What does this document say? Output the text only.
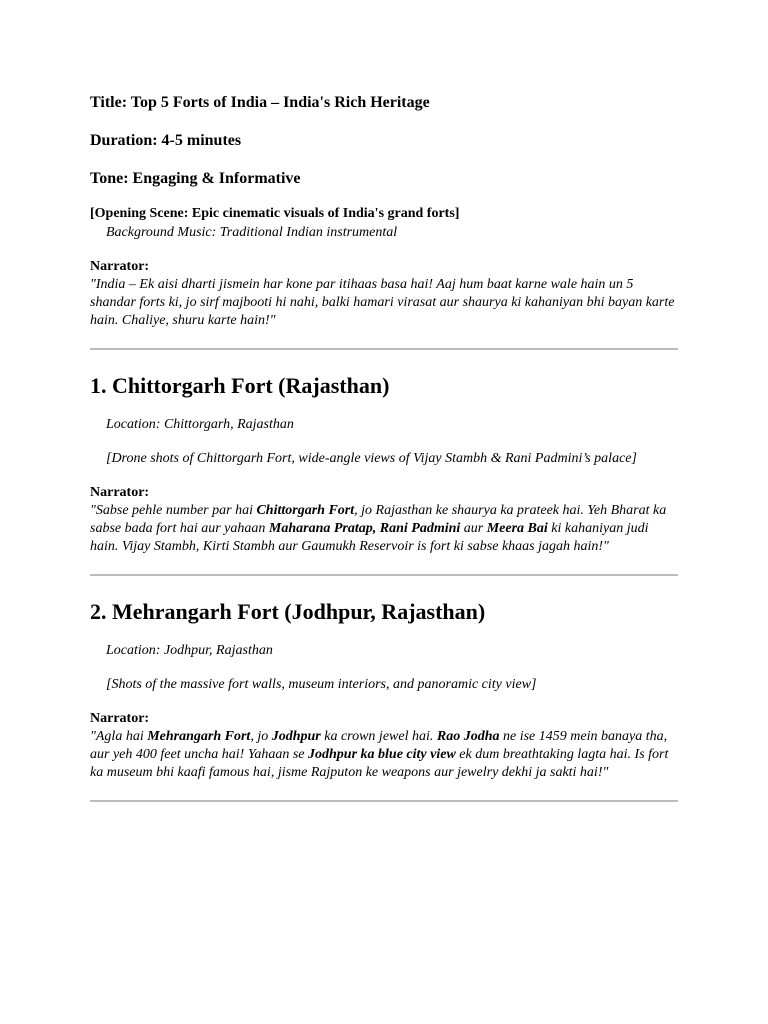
Title: Top 5 Forts of India – India's Rich Heritage

Duration: 4-5 minutes

Tone: Engaging & Informative

[Opening Scene: Epic cinematic visuals of India's grand forts]

Background Music: Traditional Indian instrumental

Narrator:

"India – Ek aisi dharti jismein har kone par itihaas basa hai! Aaj hum baat karne wale hain un 5 shandar forts ki, jo sirf majbooti hi nahi, balki hamari virasat aur shaurya ki kahaniyan bhi bayan karte hain. Chaliye, shuru karte hain!"

1. Chittorgarh Fort (Rajasthan)

Location: Chittorgarh, Rajasthan

[Drone shots of Chittorgarh Fort, wide-angle views of Vijay Stambh & Rani Padmini’s palace]

Narrator:

"Sabse pehle number par hai Chittorgarh Fort, jo Rajasthan ke shaurya ka prateek hai. Yeh Bharat ka sabse bada fort hai aur yahaan Maharana Pratap, Rani Padmini aur Meera Bai ki kahaniyan judi hain. Vijay Stambh, Kirti Stambh aur Gaumukh Reservoir is fort ki sabse khaas jagah hain!"

2. Mehrangarh Fort (Jodhpur, Rajasthan)

Location: Jodhpur, Rajasthan

[Shots of the massive fort walls, museum interiors, and panoramic city view]

Narrator:

"Agla hai Mehrangarh Fort, jo Jodhpur ka crown jewel hai. Rao Jodha ne ise 1459 mein banaya tha, aur yeh 400 feet uncha hai! Yahaan se Jodhpur ka blue city view ek dum breathtaking lagta hai. Is fort ka museum bhi kaafi famous hai, jisme Rajputon ke weapons aur jewelry dekhi ja sakti hai!"
